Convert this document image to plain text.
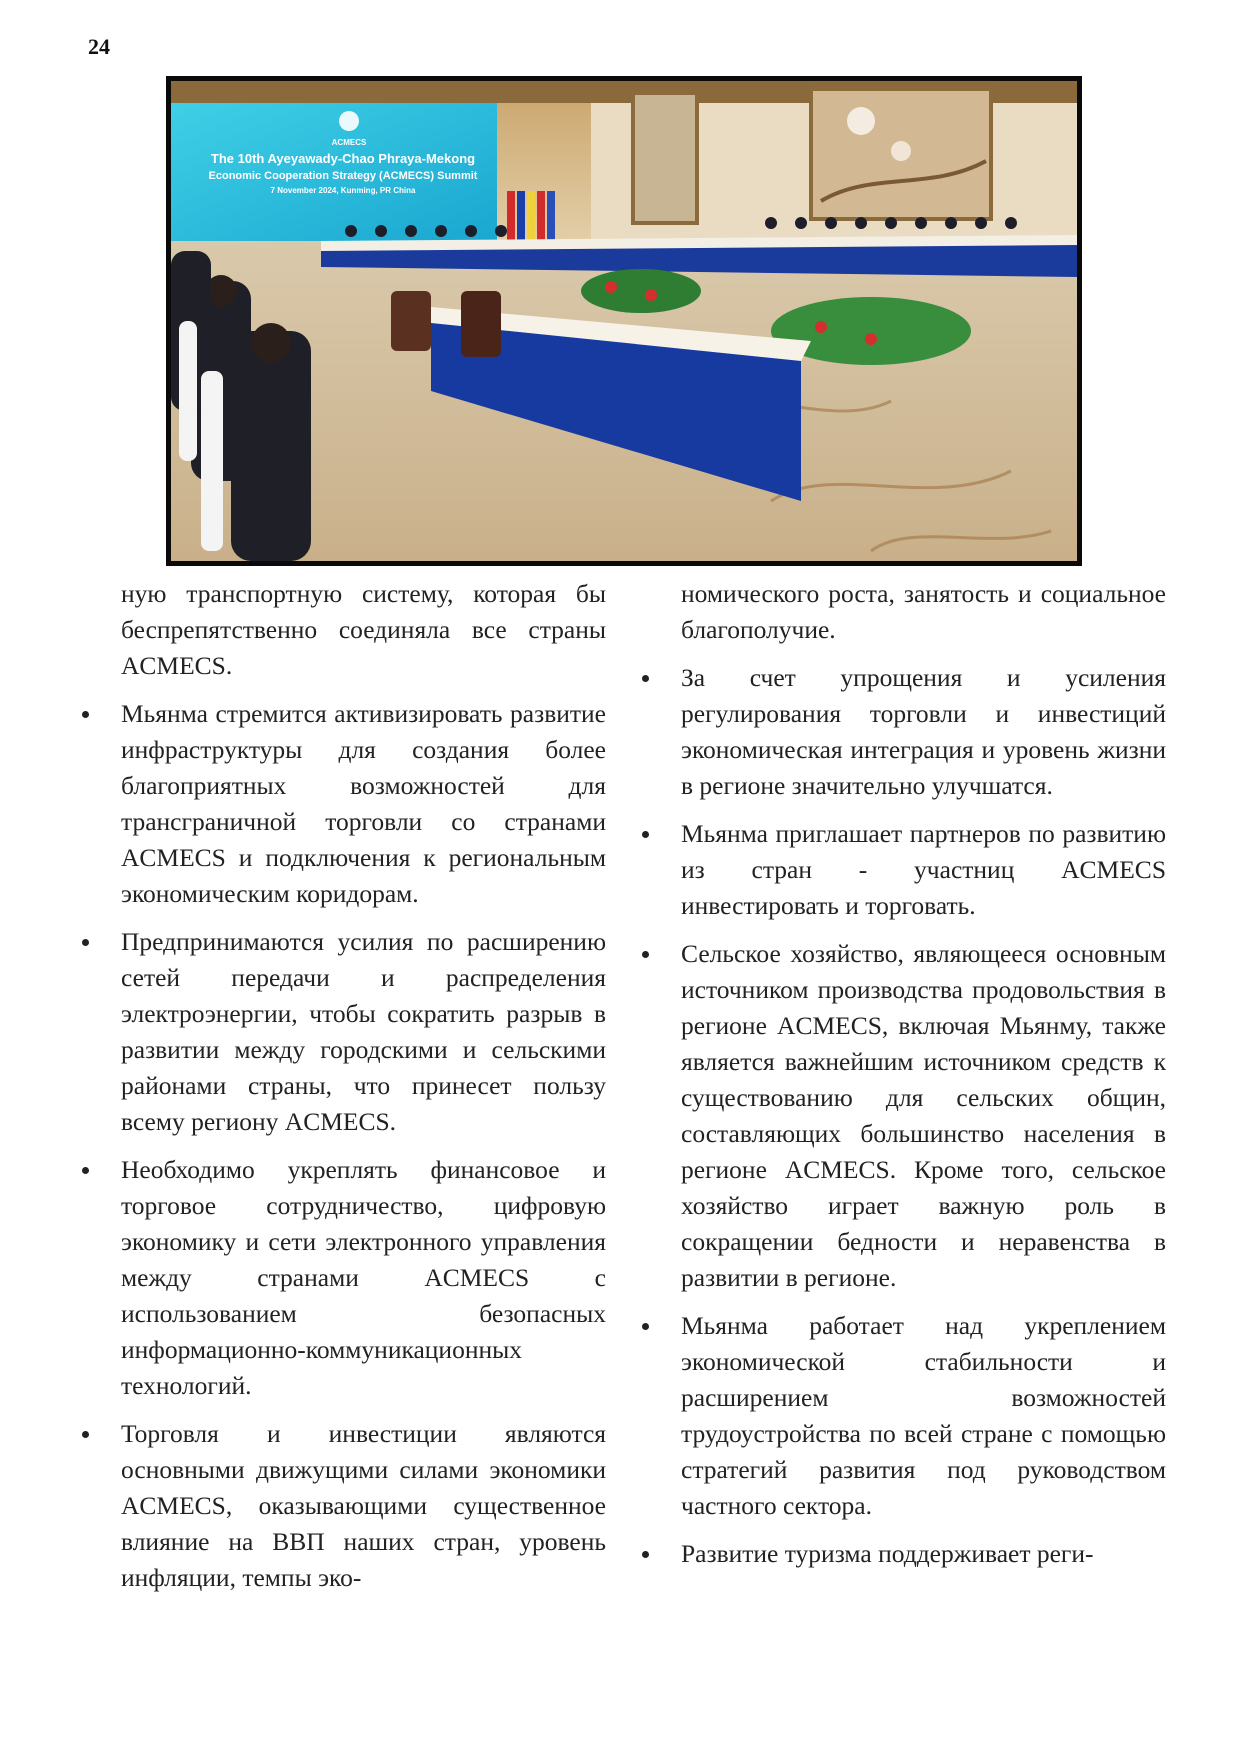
24
ACMECS
The 10th Ayeyawady-Chao Phraya-Mekong
Economic Cooperation Strategy (ACMECS) Summit
7 November 2024, Kunming, PR China

ную транспортную систему, которая бы беспрепятственно соединяла все страны ACMECS.

Мьянма стремится активизировать развитие инфраструктуры для создания более благоприятных возможностей для трансграничной торговли со странами ACMECS и подключения к региональным экономическим коридорам.
Предпринимаются усилия по расширению сетей передачи и распределения электроэнергии, чтобы сократить разрыв в развитии между городскими и сельскими районами страны, что принесет пользу всему региону ACMECS.
Необходимо укреплять финансовое и торговое сотрудничество, цифровую экономику и сети электронного управления между странами ACMECS с использованием безопасных информационно-коммуникационных технологий.
Торговля и инвестиции являются основными движущими силами экономики ACMECS, оказывающими существенное влияние на ВВП наших стран, уровень инфляции, темпы эко-

номического роста, занятость и социальное благополучие.

За счет упрощения и усиления регулирования торговли и инвестиций экономическая интеграция и уровень жизни в регионе значительно улучшатся.
Мьянма приглашает партнеров по развитию из стран - участниц ACMECS инвестировать и торговать.
Сельское хозяйство, являющееся основным источником производства продовольствия в регионе ACMECS, включая Мьянму, также является важнейшим источником средств к существованию для сельских общин, составляющих большинство населения в регионе ACMECS. Кроме того, сельское хозяйство играет важную роль в сокращении бедности и неравенства в развитии в регионе.
Мьянма работает над укреплением экономической стабильности и расширением возможностей трудоустройства по всей стране с помощью стратегий развития под руководством частного сектора.
Развитие туризма поддерживает реги-
